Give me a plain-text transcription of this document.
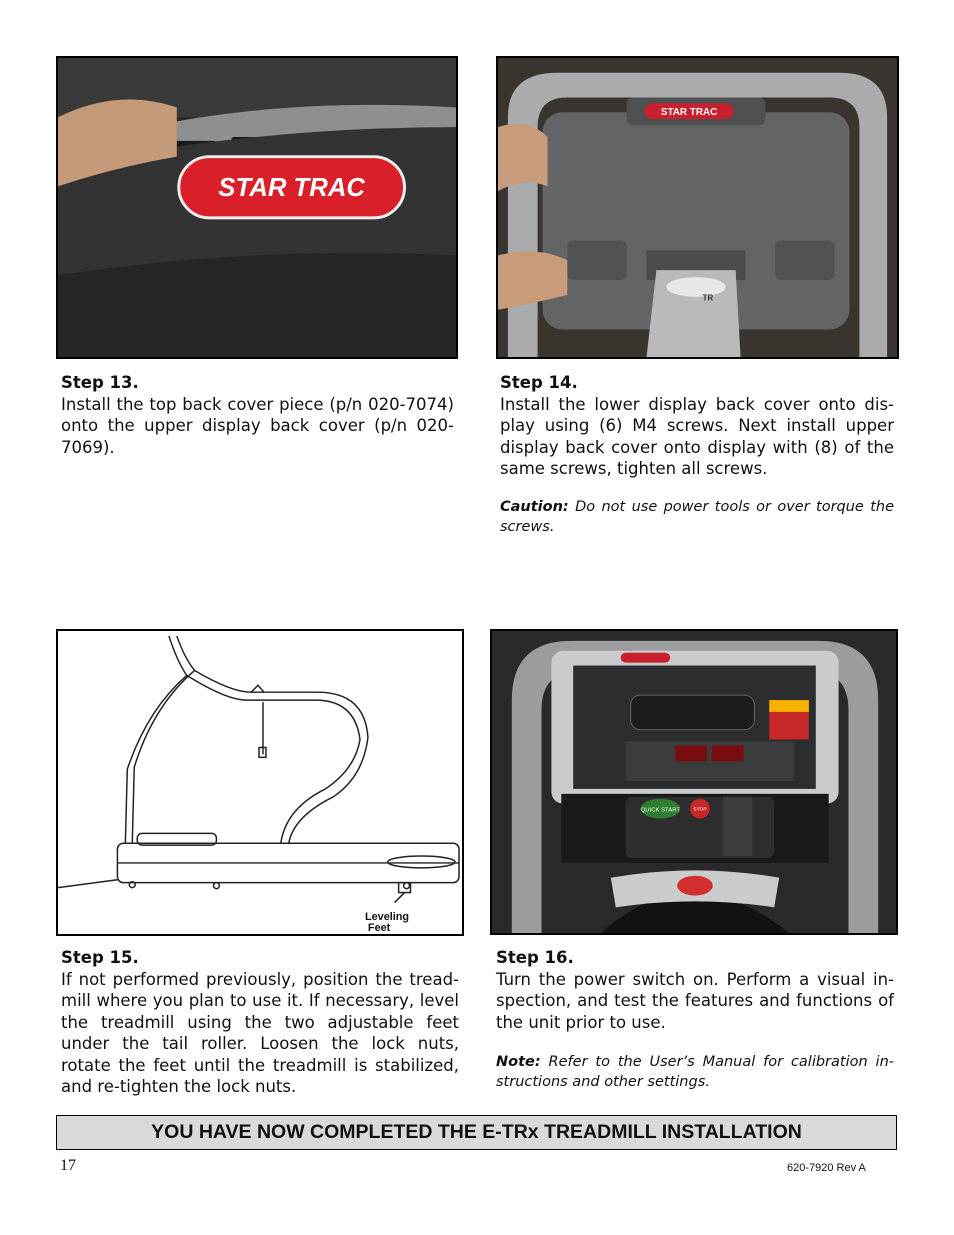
STAR TRAC
STAR TRAC
TR
Step 13.
Install the top back cover piece (p/n 020-7074) onto the upper display back cover (p/n 020-7069).
Step 14.
Install the lower display back cover onto dis-play using (6) M4 screws. Next install upper display back cover onto display with (8) of the same screws, tighten all screws.
Caution: Do not use power tools or over torque the screws.
Leveling
Feet
QUICK START	STOP
Step 15.
If not performed previously, position the tread-mill where you plan to use it. If necessary, level the treadmill using the two adjustable feet under the tail roller. Loosen the lock nuts, rotate the feet until the treadmill is stabilized, and re-tighten the lock nuts.
Step 16.
Turn the power switch on. Perform a visual in-spection, and test the features and functions of the unit prior to use.
Note: Refer to the User’s Manual for calibration in-structions and other settings.
YOU HAVE NOW COMPLETED THE E-TRx TREADMILL INSTALLATION
17	620-7920 Rev A
